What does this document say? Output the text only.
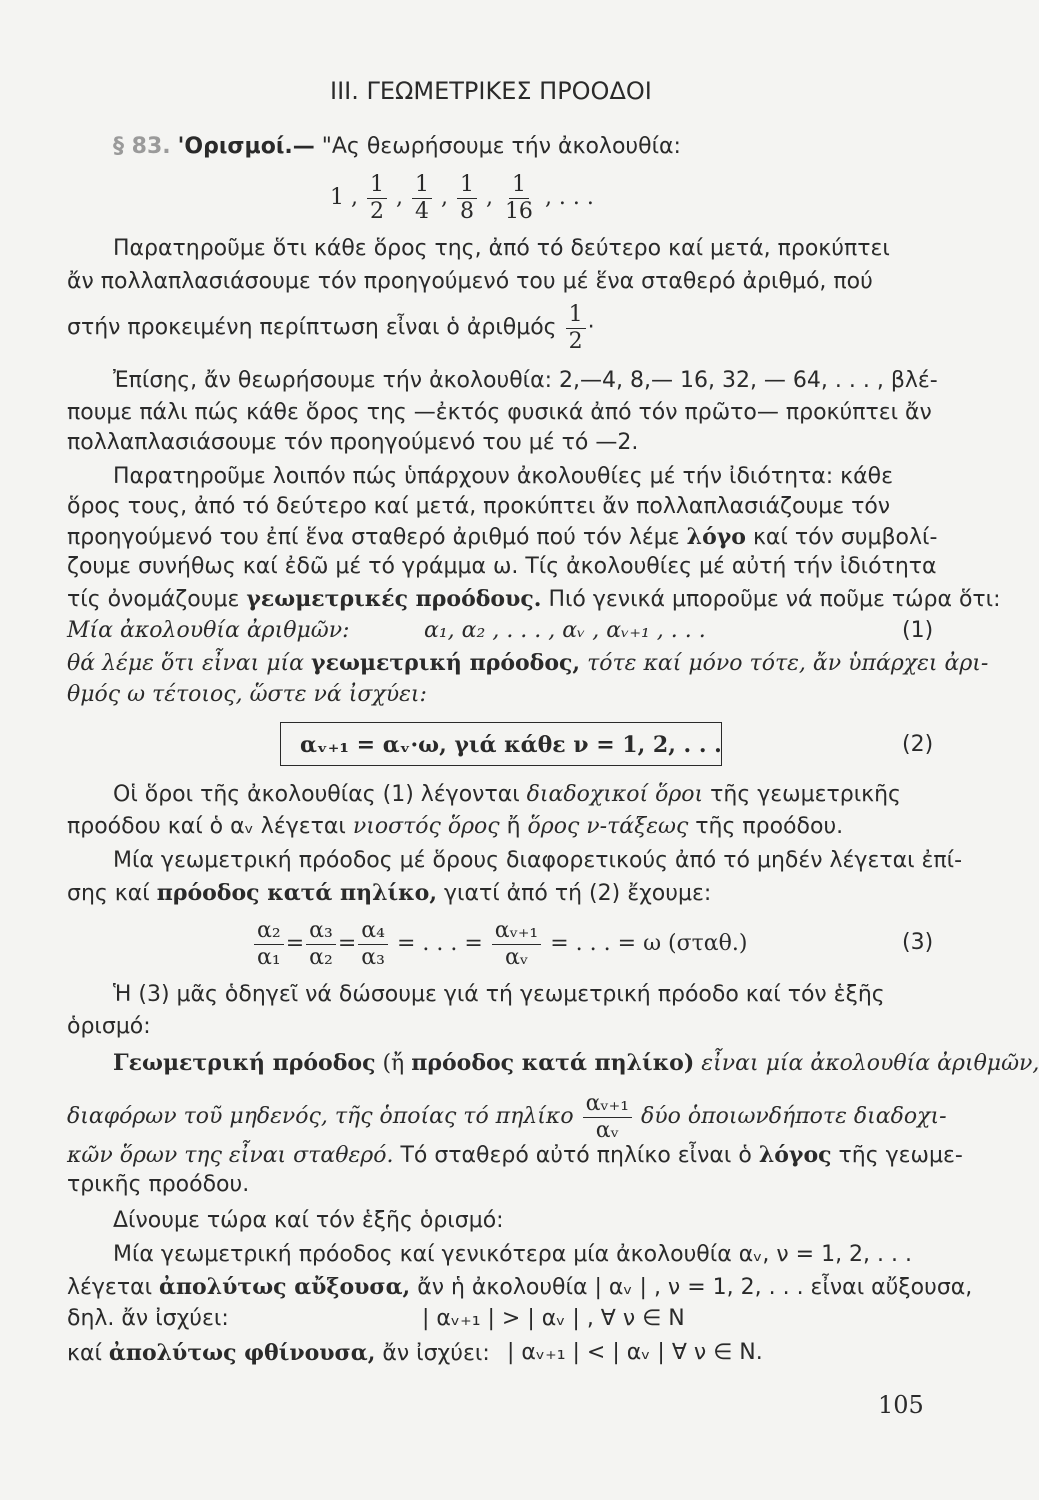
III. ΓΕΩΜΕΤΡΙΚΕΣ ΠΡΟΟΔΟΙ
§ 83. 'Ορισμοί.— "Ας θεωρήσουμε τήν ἀκολουθία:
1 , $\frac{1}{2}$ , $\frac{1}{4}$ , $\frac{1}{8}$ , $\frac{1}{16}$ , . . .
Παρατηροῦμε ὅτι κάθε ὅρος της, ἀπό τό δεύτερο καί μετά, προκύπτει
ἄν πολλαπλασιάσουμε τόν προηγούμενό του μέ ἕνα σταθερό ἀριθμό, πού
στήν προκειμένη περίπτωση εἶναι ὁ ἀριθμός $\frac{1}{2}$ ·
Ἐπίσης, ἄν θεωρήσουμε τήν ἀκολουθία: 2,—4, 8,— 16, 32, — 64, . . . , βλέ-
πουμε πάλι πώς κάθε ὅρος της —ἐκτός φυσικά ἀπό τόν πρῶτο— προκύπτει ἄν
πολλαπλασιάσουμε τόν προηγούμενό του μέ τό —2.
Παρατηροῦμε λοιπόν πώς ὑπάρχουν ἀκολουθίες μέ τήν ἰδιότητα: κάθε
ὅρος τους, ἀπό τό δεύτερο καί μετά, προκύπτει ἄν πολλαπλασιάζουμε τόν
προηγούμενό του ἐπί ἕνα σταθερό ἀριθμό πού τόν λέμε λόγο καί τόν συμβολί-
ζουμε συνήθως καί ἐδῶ μέ τό γράμμα ω. Τίς ἀκολουθίες μέ αὐτή τήν ἰδιότητα
τίς ὀνομάζουμε γεωμετρικές προόδους. Πιό γενικά μποροῦμε νά ποῦμε τώρα ὅτι:
Μία ἀκολουθία ἀριθμῶν:	α₁, α₂ , . . . , αᵥ , αᵥ₊₁ , . . .	(1)
θά λέμε ὅτι εἶναι μία γεωμετρική πρόοδος, τότε καί μόνο τότε, ἄν ὑπάρχει ἀρι-
θμός ω τέτοιος, ὥστε νά ἰσχύει:
αᵥ₊₁ = αᵥ·ω, γιά κάθε ν = 1, 2, . . .	(2)
Οἱ ὅροι τῆς ἀκολουθίας (1) λέγονται διαδοχικοί ὅροι τῆς γεωμετρικῆς
προόδου καί ὁ αᵥ λέγεται νιοστός ὅρος ἤ ὅρος ν-τάξεως τῆς προόδου.
Μία γεωμετρική πρόοδος μέ ὅρους διαφορετικούς ἀπό τό μηδέν λέγεται ἐπί-
σης καί πρόοδος κατά πηλίκο, γιατί ἀπό τή (2) ἔχουμε:
$\frac{\text{α₂}}{\text{α₁}} = \frac{\text{α₃}}{\text{α₂}} = \frac{\text{α₄}}{\text{α₃}}$ = . . . = $\frac{\text{αᵥ₊₁}}{\text{αᵥ}}$ = . . . = ω (σταθ.)	(3)
Ἡ (3) μᾶς ὁδηγεῖ νά δώσουμε γιά τή γεωμετρική πρόοδο καί τόν ἑξῆς
ὁρισμό:
Γεωμετρική πρόοδος (ἤ πρόοδος κατά πηλίκο) εἶναι μία ἀκολουθία ἀριθμῶν,
διαφόρων τοῦ μηδενός, τῆς ὁποίας τό πηλίκο $\frac{\text{αᵥ₊₁}}{\text{αᵥ}}$ δύο ὁποιωνδήποτε διαδοχι-
κῶν ὅρων της εἶναι σταθερό. Τό σταθερό αὐτό πηλίκο εἶναι ὁ λόγος τῆς γεωμε-
τρικῆς προόδου.
Δίνουμε τώρα καί τόν ἑξῆς ὁρισμό:
Μία γεωμετρική πρόοδος καί γενικότερα μία ἀκολουθία αᵥ, ν = 1, 2, . . .
λέγεται ἀπολύτως αὔξουσα, ἄν ἡ ἀκολουθία | αᵥ | , ν = 1, 2, . . . εἶναι αὔξουσα,
δηλ. ἄν ἰσχύει:	| αᵥ₊₁ | > | αᵥ | , ∀ ν ∈ N
καί ἀπολύτως φθίνουσα, ἄν ἰσχύει: | αᵥ₊₁ | < | αᵥ | ∀ ν ∈ N.
105
